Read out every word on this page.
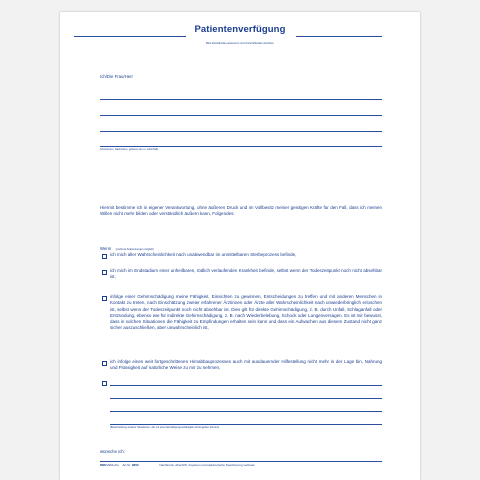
Patientenverfügung
Bitte Zutreffendes ankreuzen und Unzutreffendes streichen
Ich/Die Frau/Herr
(Vorname/n, Nachname, geboren am in, wohnhaft)
Hiermit bestimme ich in eigener Verantwortung, ohne äußeren Druck und im Vollbesitz meiner geistigen Kräfte für den Fall, dass ich meinen Willen nicht mehr bilden oder verständlich äußern kann, Folgendes:
Wenn (mehrere Ankreuzungen möglich)
ich mich aller Wahrscheinlichkeit nach unabwendbar im unmittelbaren Sterbeprozess befinde,
ich mich im Endstadium einer unheilbaren, tödlich verlaufenden Krankheit befinde, selbst wenn der Todeszeitpunkt noch nicht absehbar ist,
infolge einer Gehirnschädigung meine Fähigkeit, Einsichten zu gewinnen, Entscheidungen zu treffen und mit anderen Menschen in Kontakt zu treten, nach Einschätzung zweier erfahrener Ärztinnen oder Ärzte aller Wahrscheinlichkeit nach unwiederbringlich erloschen ist, selbst wenn der Todeszeitpunkt noch nicht absehbar ist. Dies gilt für direkte Gehirnschädigung, z. B. durch Unfall, Schlaganfall oder Entzündung, ebenso wie für indirekte Gehirnschädigung, z. B. nach Wiederbelebung, Schock oder Lungenversagen. Es ist mir bewusst, dass in solchen Situationen die Fähigkeit zu Empfindungen erhalten sein kann und dass ein Aufwachen aus diesem Zustand nicht ganz sicher auszuschließen, aber unwahrscheinlich ist,
ich infolge eines weit fortgeschrittenen Hirnabbauprozesses auch mit ausdauernder Hilfestellung nicht mehr in der Lage bin, Nahrung und Flüssigkeit auf natürliche Weise zu mir zu nehmen,
(Beschreibung anderer Situationen, die mit einer Einwilligungsunfähigkeit einhergehen können)
wünsche ich:
RNKVERLAG Art.Nr. 2893	Nachdruck, Abschrift, Kopieren und elektronische Speicherung verboten
